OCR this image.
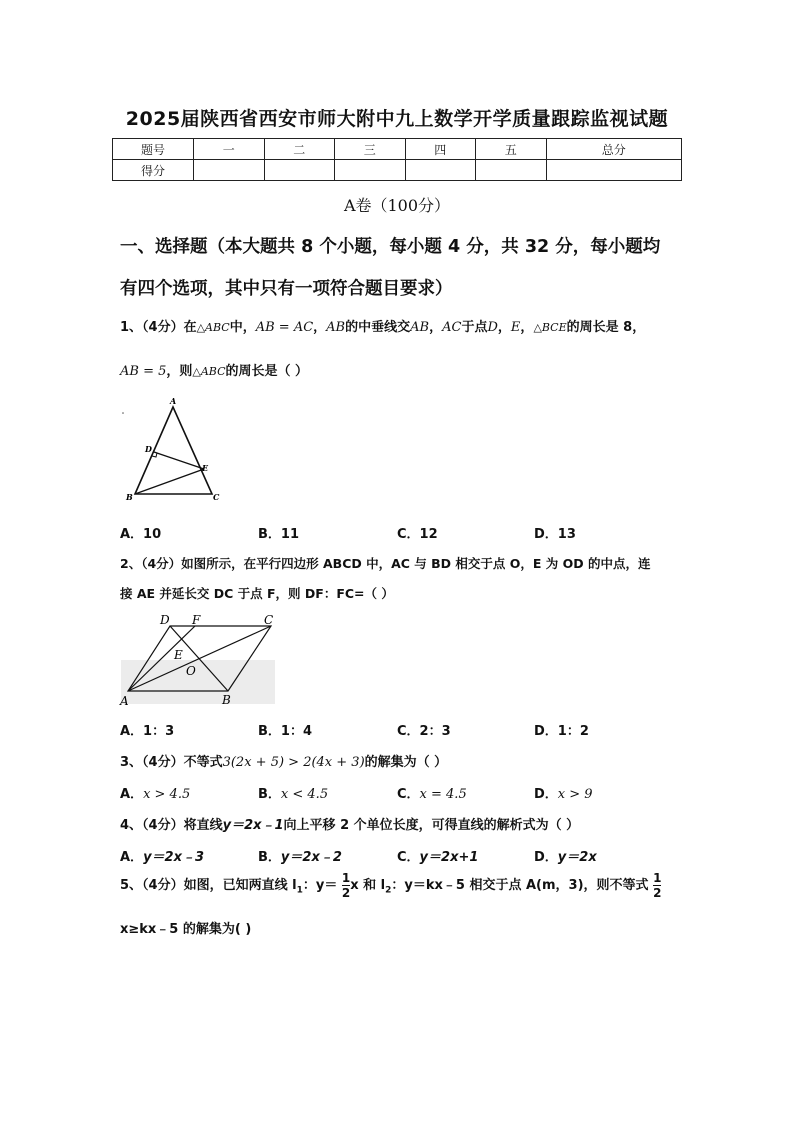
2025届陕西省西安市师大附中九上数学开学质量跟踪监视试题
题号	一	二	三	四	五	总分
得分						
A卷（100分）
一、选择题（本大题共 8 个小题，每小题 4 分，共 32 分，每小题均
有四个选项，其中只有一项符合题目要求）
1、（4分）在△ABC中，AB = AC，AB的中垂线交AB，AC于点D，E，△BCE的周长是 8，
AB = 5，则△ABC的周长是（ ）
A
B	C
D
E
A．10	B．11	C．12	D．13
2、（4分）如图所示，在平行四边形 ABCD 中，AC 与 BD 相交于点 O，E 为 OD 的中点，连
接 AE 并延长交 DC 于点 F，则 DF：FC=（ ）
D F	C
E
O
A	B
A．1：3	B．1：4	C．2：3	D．1：2
3、（4分）不等式3(2x + 5) > 2(4x + 3)的解集为（ ）
A．x > 4.5	B．x < 4.5	C．x = 4.5	D．x > 9
4、（4分）将直线y＝2x﹣1向上平移 2 个单位长度，可得直线的解析式为（ ）
A．y＝2x﹣3	B．y＝2x﹣2	C．y＝2x+1	D．y＝2x
5、（4分）如图，已知两直线 $l_1$：$y= \frac{1}{2}$ x 和 $l_2$：y＝kx﹣5 相交于点 A(m，3)，则不等式 $\frac{1}{2}$
x≥kx﹣5 的解集为( )
